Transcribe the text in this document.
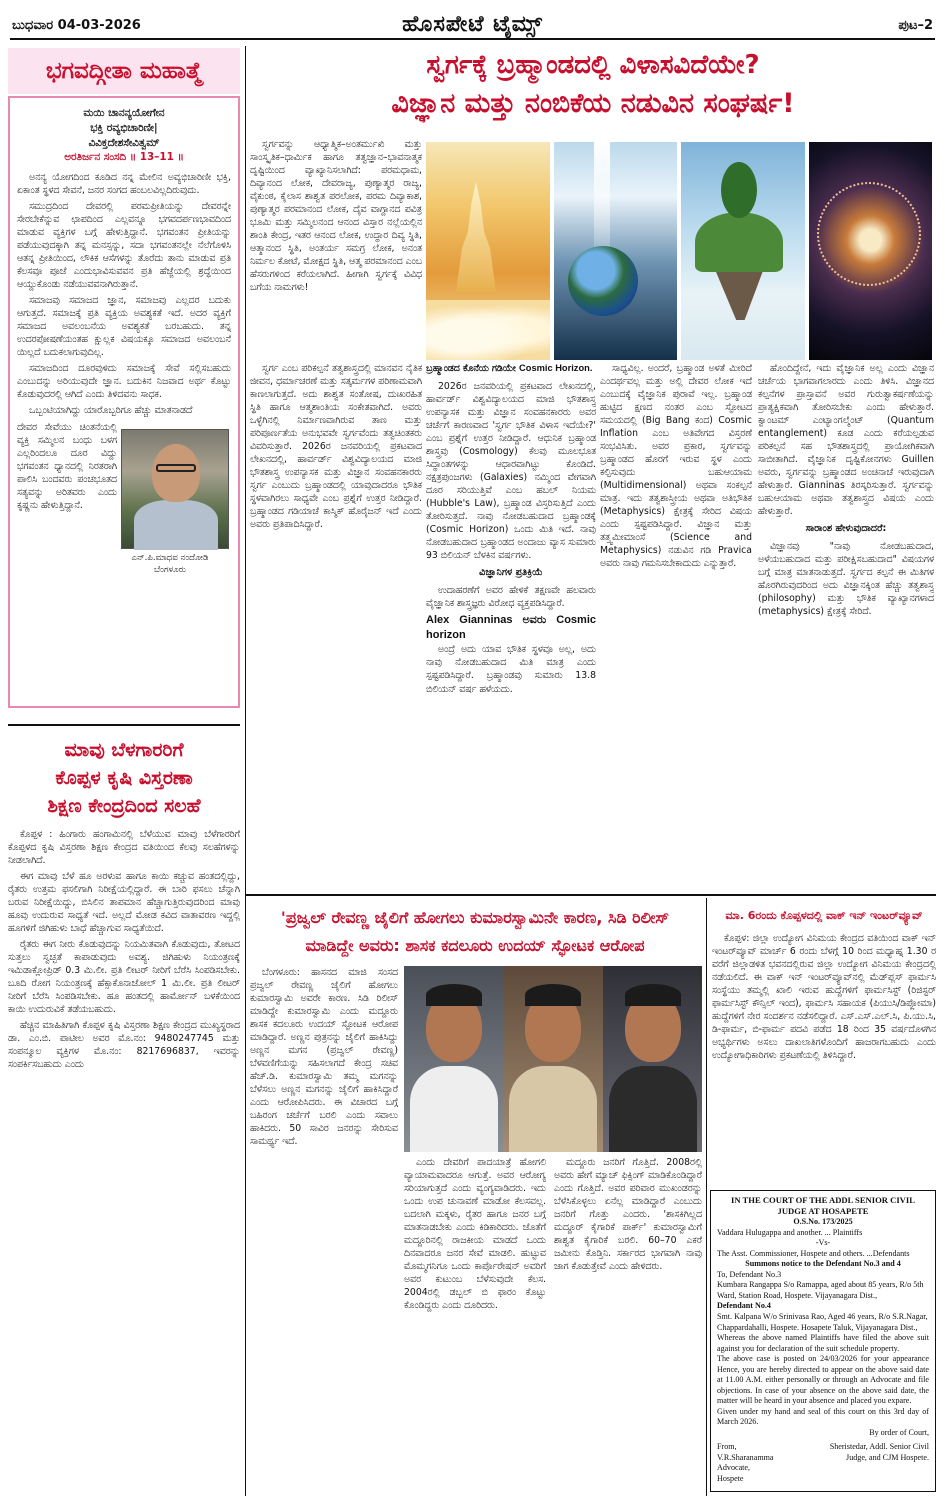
ಬುಧವಾರ 04-03-2026	ಹೊಸಪೇಟೆ ಟೈಮ್ಸ್	ಪುಟ–2
ಭಗವದ್ಗೀತಾ ಮಹಾತ್ಮೆ
ಮಯಿ ಚಾನನ್ಯಯೋಗೇನ
ಭಕ್ತಿ ರವ್ಯಭಿಚಾರಿಣೀ|
ವಿವಿಕ್ತದೇಶಸೇವಿತ್ವಮ್
ಅರತಿರ್ಜನ ಸಂಸದಿ ॥ 13–11 ॥

ಅನನ್ಯ ಯೋಗದಿಂದ ಕೂಡಿದ ನನ್ನ ಮೇಲಿನ ಅವ್ಯಭಿಚಾರಿಣೀ ಭಕ್ತಿ, ಏಕಾಂತ ಸ್ಥಳದ ಸೇವನೆ, ಜನರ ಸಂಗದ ಹಂಬಲವಿಲ್ಲದಿರುವುದು.

ಸಮುದ್ರದಿಂದ ದೇವರಲ್ಲಿ ಪರಮಪ್ರೀತಿಯನ್ನು ದೇವರನ್ನೇ ಸೇರಬೇಕೆನ್ನುವ ಛಾಪದಿಂದ ಎಲ್ಲವನ್ನೂ ಭಗವದರ್ಪಣಭಾವದಿಂದ ಮಾಡುವ ವ್ಯಕ್ತಿಗಳ ಬಗ್ಗೆ ಹೇಳುತ್ತಿದ್ದಾನೆ. ಭಗವಂತನ ಪ್ರೀತಿಯನ್ನು ಪಡೆಯುವುದಕ್ಕಾಗಿ ತನ್ನ ಮನಸ್ಸನ್ನು, ಸದಾ ಭಗವಂತನಲ್ಲೇ ನೆಲೆಗೊಳಿಸಿ ಆತನ್ನ ಪ್ರೀತಿಯಿಂದ, ಲೌಕಿಕ ಆಸೆಗಳನ್ನು ತೊರೆದು ತಾನು ಮಾಡುವ ಪ್ರತಿ ಕೆಲಸವೂ ಪೂಜೆ ಎಂದುಭಾವಿಸುವವನ ಪ್ರತಿ ಹೆಜ್ಜೆಯಲ್ಲಿ ಶ್ರದ್ಧೆಯಿಂದ ಆಯ್ದುಕೊಂಡು ನಡೆಯುವವನಾಗಿರುತ್ತಾನೆ.

ಸಮಾಜವು ಸಮಾಜದ ಜ್ಞಾನ, ಸಮಾಜವು ಎಲ್ಲದರ ಬದುಕು ಆಗುತ್ತದೆ. ಸಮಾಜಕ್ಕೆ ಪ್ರತಿ ವ್ಯಕ್ತಿಯ ಅವಶ್ಯಕತೆ ಇದೆ. ಅದರ ವ್ಯಕ್ತಿಗೆ ಸಮಾಜದ ಅವಲಂಬನೆಯ ಅವಶ್ಯಕತೆ ಬರಬಹುದು. ತನ್ನ ಉದರಪೋಷಣೆಯಂತಹ ಕ್ಷುಲ್ಲಕ ವಿಷಯಕ್ಕೂ ಸಮಾಜದ ಅವಲಂಬನೆ ಯಿಲ್ಲದೆ ಬದುಕಲಾಗುವುದಿಲ್ಲ.

ಸಮಾಜದಿಂದ ದೂರವುಳಿದು ಸಮಾಜಕ್ಕೆ ಸೇವೆ ಸಲ್ಲಿಸಬಹುದು ಎಂಬುದನ್ನು ಅರಿಯುವುದೇ ಜ್ಞಾನ. ಬದುಕಿನ ನಿಜವಾದ ಅರ್ಥ ಕೊಟ್ಟು ಕೊಡುವುದರಲ್ಲಿ ಆಗಿದೆ ಎಂದು ತಿಳಿದವನು ಸಾಧಕ.

ಒಬ್ಬಂಟಿಯಾಗಿದ್ದು ಯಾರೊಬ್ಬರಿಗೂ ಹೆಚ್ಚು ಮಾತನಾಡದೆ

ದೇವರ ಸೇವೆಯು ಚಿಂತನೆಯಲ್ಲಿ ವ್ಯಕ್ತಿ ಸಮ್ಮಿಲನ ಬಂಧು ಬಳಗ ಎಲ್ಲರಿಂದಲೂ ದೂರ ವಿದ್ದು ಭಗವಂತನ ಧ್ಯಾನದಲ್ಲಿ ನಿರತರಾಗಿ ಪಾಲಿಸಿ ಬಂದವರು ಪಂಚಭೂತದ ಸತ್ಯವನ್ನು ಅರಿತವರು ಎಂದು ಕೃಷ್ಣನು ಹೇಳುತ್ತಿದ್ದಾನೆ.
ಎನ್.ಪಿ.ಮಾಧವ ನಂದೋಡಿ
ಬೆಂಗಳೂರು
ಮಾವು ಬೆಳಗಾರರಿಗೆ
ಕೊಪ್ಪಳ ಕೃಷಿ ವಿಸ್ತರಣಾ
ಶಿಕ್ಷಣ ಕೇಂದ್ರದಿಂದ ಸಲಹೆ

ಕೊಪ್ಪಳ : ಹಿಂಗಾರು ಹಂಗಾಮಿನಲ್ಲಿ ಬೆಳೆಯುವ ಮಾವು ಬೆಳೆಗಾರರಿಗೆ ಕೊಪ್ಪಳದ ಕೃಷಿ ವಿಸ್ತರಣಾ ಶಿಕ್ಷಣ ಕೇಂದ್ರದ ವತಿಯಿಂದ ಕೆಲವು ಸಲಹೆಗಳನ್ನು ನೀಡಲಾಗಿದೆ.

ಈಗ ಮಾವು ಬೆಳೆ ಹೂ ಅರಳುವ ಹಾಗೂ ಕಾಯಿ ಕಚ್ಚುವ ಹಂತದಲ್ಲಿದ್ದು, ರೈತರು ಉತ್ತಮ ಫಸಲಿಗಾಗಿ ನಿರೀಕ್ಷೆಯಲ್ಲಿದ್ದಾರೆ. ಈ ಬಾರಿ ಫಸಲು ಚೆನ್ನಾಗಿ ಬರುವ ನಿರೀಕ್ಷೆಯಿದ್ದು, ಬಿಸಿಲಿನ ತಾಪಮಾನ ಹೆಚ್ಚಾಗುತ್ತಿರುವುದರಿಂದ ಮಾವು ಹೂವು ಉದುರುವ ಸಾಧ್ಯತೆ ಇದೆ. ಅಲ್ಲದೆ ಮೋಡ ಕವಿದ ವಾತಾವರಣ ಇದ್ದಲ್ಲಿ ಹೂಗಳಿಗೆ ಜಿಗಿಹುಳು ಬಾಧೆ ಹೆಚ್ಚಾಗುವ ಸಾಧ್ಯತೆಯಿದೆ.

ರೈತರು ಈಗ ನೀರು ಕೊಡುವುದನ್ನು ನಿಯಮಿತವಾಗಿ ಕೊಡುವುದು, ತೋಟದ ಸುತ್ತಲು ಸ್ವಚ್ಛತೆ ಕಾಪಾಡುವುದು ಅವಶ್ಯ. ಜಿಗಿಹುಳು ನಿಯಂತ್ರಣಕ್ಕೆ ಇಮಿಡಾಕ್ಲೋಪ್ರಿಡ್ 0.3 ಮಿ.ಲೀ. ಪ್ರತಿ ಲೀಟರ್ ನೀರಿಗೆ ಬೆರೆಸಿ ಸಿಂಪಡಿಸಬೇಕು. ಬೂದಿ ರೋಗ ನಿಯಂತ್ರಣಕ್ಕೆ ಹೆಕ್ಸಾಕೊನಾಜೋಲ್ 1 ಮಿ.ಲೀ. ಪ್ರತಿ ಲೀಟರ್ ನೀರಿಗೆ ಬೆರೆಸಿ ಸಿಂಪಡಿಸಬೇಕು. ಹೂ ಹಂತದಲ್ಲಿ ಹಾರ್ಮೋನ್ ಬಳಕೆಯಿಂದ ಕಾಯಿ ಉದುರುವಿಕೆ ತಡೆಯಬಹುದು.

ಹೆಚ್ಚಿನ ಮಾಹಿತಿಗಾಗಿ ಕೊಪ್ಪಳ ಕೃಷಿ ವಿಸ್ತರಣಾ ಶಿಕ್ಷಣ ಕೇಂದ್ರದ ಮುಖ್ಯಸ್ಥರಾದ ಡಾ. ಎಂ.ಬಿ. ಪಾಟೀಲ ಅವರ ಮೊ.ನಂ: 9480247745 ಮತ್ತು ಸಂಪನ್ಮೂಲ ವ್ಯಕ್ತಿಗಳ ಮೊ.ನಂ: 8217696837, ಇವರನ್ನು ಸಂಪರ್ಕಿಸಬಹುದು ಎಂದು

ಸ್ವರ್ಗಕ್ಕೆ ಬ್ರಹ್ಮಾಂಡದಲ್ಲಿ ವಿಳಾಸವಿದೆಯೇ?
ವಿಜ್ಞಾನ ಮತ್ತು ನಂಬಿಕೆಯ ನಡುವಿನ ಸಂಘರ್ಷ!

ಸ್ವರ್ಗವನ್ನು ಆಧ್ಯಾತ್ಮಿಕ–ಅಂತರ್ಮುಖಿ ಮತ್ತು ಸಾಂಸ್ಕೃತಿಕ–ಧಾರ್ಮಿಕ ಹಾಗೂ ತತ್ವಜ್ಞಾನ–ಭಾವನಾತ್ಮಕ ದೃಷ್ಟಿಯಿಂದ ವ್ಯಾಖ್ಯಾನಿಸಲಾಗಿದೆ: ಪರಮಧಾಮ, ದಿವ್ಯಾನಂದ ಲೋಕ, ದೇವರಾಜ್ಯ, ಪುಣ್ಯಾತ್ಮರ ರಾಜ್ಯ, ವೈಕುಂಠ, ಕೈಲಾಸ ಶಾಶ್ವತ ಪರಲೋಕ, ಪರಮ ದಿವ್ಯಾಕಾಶ, ಪುಣ್ಯಾತ್ಮರ ಪರಮಾನಂದ ಲೋಕ, ದೈವ ವಾಗ್ದಾನದ ಪವಿತ್ರ ಭೂಮಿ ಮತ್ತು ಸಮ್ಮಿಲನಂದ ಆನಂದ ವಿಸ್ತಾರ ನಲ್ಲೆಯಲ್ಲಿನ ಶಾಂತಿ ಕೇಂದ್ರ, ಇತರ ಆನಂದ ಲೋಕ, ಉದ್ಧಾರ ದಿವ್ಯ ಸ್ಥಿತಿ, ಆತ್ಮಾನಂದ ಸ್ಥಿತಿ, ಅಂತರ್ಯ ಸಮಗ್ರ ಲೋಕ, ಅನಂತ ನಿರ್ಮಲ ಕೋಟೆ, ಮೋಕ್ಷದ ಸ್ಥಿತಿ, ಆತ್ಮ ಪರಮಾನಂದ ಎಂಬ ಹೆಸರುಗಳಿಂದ ಕರೆಯಲಾಗಿದೆ. ಹೀಗಾಗಿ ಸ್ವರ್ಗಕ್ಕೆ ವಿವಿಧ ಬಗೆಯ ನಾಮಗಳು!

ಸ್ವರ್ಗ ಎಂಬ ಪರಿಕಲ್ಪನೆ ತತ್ವಶಾಸ್ತ್ರದಲ್ಲಿ ಮಾನವನ ನೈತಿಕ ಜೀವನ, ಧರ್ಮಾಚರಣೆ ಮತ್ತು ಸತ್ಕರ್ಮಗಳ ಪರಿಣಾಮವಾಗಿ ಕಾಣಲಾಗುತ್ತದೆ. ಅದು ಶಾಶ್ವತ ಸಂತೋಷ, ದುಃಖರಹಿತ ಸ್ಥಿತಿ ಹಾಗೂ ಆತ್ಮಶಾಂತಿಯ ಸಂಕೇತವಾಗಿದೆ. ಅವರು ಒಳ್ಳೆಗಿನಲ್ಲಿ ನಿರ್ಮಾಣವಾಗಿರುವ ತಾಣ ಮತ್ತು ಪರಿಪೂರ್ಣತೆಯ ಅನುಭವವೇ ಸ್ವರ್ಗವೆಂದು ತತ್ವಚಿಂತಕರು ವಿವರಿಸುತ್ತಾರೆ. 2026ರ ಜನವರಿಯಲ್ಲಿ ಪ್ರಕಟವಾದ ಲೇಖನದಲ್ಲಿ, ಹಾರ್ವರ್ಡ್ ವಿಶ್ವವಿದ್ಯಾಲಯದ ಮಾಜಿ ಭೌತಶಾಸ್ತ್ರ ಉಪನ್ಯಾಸಕ ಮತ್ತು ವಿಜ್ಞಾನ ಸಂವಹನಕಾರರು ಸ್ವರ್ಗ ಎಂಬುದು ಬ್ರಹ್ಮಾಂಡದಲ್ಲಿ ಯಾವುದಾದರೂ ಭೌತಿಕ ಸ್ಥಳವಾಗಿರಲು ಸಾಧ್ಯವೇ ಎಂಬ ಪ್ರಶ್ನೆಗೆ ಉತ್ತರ ನೀಡಿದ್ದಾರೆ. ಬ್ರಹ್ಮಾಂಡದ ಗಡಿಯಾಚೆ ಕಾಸ್ಮಿಕ್ ಹೊರೈಜನ್ ಇದೆ ಎಂದು ಅವರು ಪ್ರತಿಪಾದಿಸಿದ್ದಾರೆ.

ಬ್ರಹ್ಮಾಂಡದ ಕೊನೆಯ ಗಡಿಯೇ Cosmic Horizon.

2026ರ ಜನವರಿಯಲ್ಲಿ ಪ್ರಕಟವಾದ ಲೇಖನದಲ್ಲಿ, ಹಾರ್ವರ್ಡ್ ವಿಶ್ವವಿದ್ಯಾಲಯದ ಮಾಜಿ ಭೌತಶಾಸ್ತ್ರ ಉಪನ್ಯಾಸಕ ಮತ್ತು ವಿಜ್ಞಾನ ಸಂವಹನಕಾರರು ಅವರ ಚರ್ಚೆಗೆ ಕಾರಣವಾದ 'ಸ್ವರ್ಗ ಭೌತಿಕ ವಿಳಾಸ ಇದೆಯೇ?' ಎಂಬ ಪ್ರಶ್ನೆಗೆ ಉತ್ತರ ನೀಡಿದ್ದಾರೆ. ಆಧುನಿಕ ಬ್ರಹ್ಮಾಂಡ ಶಾಸ್ತ್ರವು (Cosmology) ಕೆಲವು ಮೂಲಭೂತ ಸಿದ್ಧಾಂತಗಳನ್ನು ಆಧಾರವಾಗಿಟ್ಟು ಕೊಂಡಿದೆ. ನಕ್ಷತ್ರಪುಂಜಗಳು (Galaxies) ನಮ್ಮಿಂದ ವೇಗವಾಗಿ ದೂರ ಸರಿಯುತ್ತಿವೆ ಎಂಬ ಹಬಲ್ ನಿಯಮ (Hubble's Law), ಬ್ರಹ್ಮಾಂಡ ವಿಸ್ತರಿಸುತ್ತಿದೆ ಎಂದು ತೋರಿಸುತ್ತದೆ. ನಾವು ನೋಡಬಹುದಾದ ಬ್ರಹ್ಮಾಂಡಕ್ಕೆ (Cosmic Horizon) ಒಂದು ಮಿತಿ ಇದೆ. ನಾವು ನೋಡಬಹುದಾದ ಬ್ರಹ್ಮಾಂಡದ ಅಂದಾಜು ವ್ಯಾಸ ಸುಮಾರು 93 ಬಿಲಿಯನ್ ಬೆಳಕಿನ ವರ್ಷಗಳು.

ವಿಜ್ಞಾನಿಗಳ ಪ್ರತಿಕ್ರಿಯೆ

ಉದಾಹರಣೆಗೆ ಅವರ ಹೇಳಿಕೆ ತಕ್ಷಣವೇ ಹಲವಾರು ವೈಜ್ಞಾನಿಕ ಶಾಸ್ತ್ರಜ್ಞರು ವಿರೋಧ ವ್ಯಕ್ತಪಡಿಸಿದ್ದಾರೆ.

Alex Gianninas ಅವರು Cosmic horizon

ಅಂದ್ರೆ ಅದು ಯಾವ ಭೌತಿಕ ಸ್ಥಳವೂ ಅಲ್ಲ, ಅದು ನಾವು ನೋಡಬಹುದಾದ ಮಿತಿ ಮಾತ್ರ ಎಂದು ಸ್ಪಷ್ಟಪಡಿಸಿದ್ದಾರೆ. ಬ್ರಹ್ಮಾಂಡವು ಸುಮಾರು 13.8 ಬಿಲಿಯನ್ ವರ್ಷ ಹಳೆಯದು.

ಸಾಧ್ಯವಿಲ್ಲ. ಅಂದರೆ, ಬ್ರಹ್ಮಾಂಡ ಅಳತೆ ಮೀರಿದೆ ಎಂದರ್ಥವಲ್ಲ ಮತ್ತು ಅಲ್ಲಿ ದೇವರ ಲೋಕ ಇದೆ ಎಂಬುದಕ್ಕೆ ವೈಜ್ಞಾನಿಕ ಪುರಾವೆ ಇಲ್ಲ. ಬ್ರಹ್ಮಾಂಡ ಹುಟ್ಟಿದ ಕ್ಷಣದ ನಂತರ ಎಂಬ ಸ್ಫೋಟದ ಸಮಯದಲ್ಲಿ (Big Bang ಕಂದ) Cosmic Inflation ಎಂಬ ಅತಿವೇಗದ ವಿಸ್ತರಣೆ ಸಂಭವಿಸಿತು. ಅವರ ಪ್ರಕಾರ, ಸ್ವರ್ಗವನ್ನು ಬ್ರಹ್ಮಾಂಡದ ಹೊರಗೆ ಇರುವ ಸ್ಥಳ ಎಂದು ಕಲ್ಪಿಸುವುದು ಬಹುಆಯಾಮ (Multidimensional) ಅಥವಾ ಸಂಕಲ್ಪನೆ ಮಾತ್ರ. ಇದು ತತ್ವಶಾಸ್ತ್ರೀಯ ಅಥವಾ ಅತಿಭೌತಿಕ (Metaphysics) ಕ್ಷೇತ್ರಕ್ಕೆ ಸೇರಿದ ವಿಷಯ ಎಂದು ಸ್ಪಷ್ಟಪಡಿಸಿದ್ದಾರೆ. ವಿಜ್ಞಾನ ಮತ್ತು ತತ್ತ್ವಮೀಮಾಂಸೆ (Science and Metaphysics) ನಡುವಿನ ಗಡಿ Pravica ಅವರು ನಾವು ಗಮನಿಸಬೇಕಾದುದು ಎನ್ನುತ್ತಾರೆ.

ಹೊಂದಿದ್ದೇನೆ, ಇದು ವೈಜ್ಞಾನಿಕ ಅಲ್ಲ ಎಂದು ವಿಜ್ಞಾನ ಚರ್ಚೆಯ ಭಾಗವಾಗಲಾರದು ಎಂದು ತಿಳಿಸಿ. ವಿಜ್ಞಾನದ ಕಲ್ಪನೆಗಳ ಪ್ರಾಸ್ತಾವನೆ ಅವರ ಗುರುತ್ವಾಕರ್ಷಣೆಯನ್ನು ಪ್ರಾತ್ಯಕ್ಷಿಕವಾಗಿ ತೋರಿಸಬೇಕು ಎಂದು ಹೇಳುತ್ತಾರೆ. ಕ್ವಾಂಟಮ್ ಎಂಟ್ಯಾಂಗಲ್ಮೆಂಟ್ (Quantum entanglement) ಕೂಡ ಎಂದು ಕರೆಯಲ್ಪಡುವ ಪರಿಕಲ್ಪನೆ ಸಹ ಭೌತಶಾಸ್ತ್ರದಲ್ಲಿ ಪ್ರಾಯೋಗಿಕವಾಗಿ ಸಾಬೀತಾಗಿದೆ. ವೈಜ್ಞಾನಿಕ ದೃಷ್ಟಿಕೋನಗಳು Guillen ಅವರು, ಸ್ವರ್ಗವನ್ನು ಬ್ರಹ್ಮಾಂಡದ ಅಂಚಿನಾಚೆ ಇರುವುದಾಗಿ ಹೇಳುತ್ತಾರೆ. Gianninas ತಿರಸ್ಕರಿಸುತ್ತಾರೆ. ಸ್ವರ್ಗವನ್ನು ಬಹುಆಯಾಮ ಅಥವಾ ತತ್ವಶಾಸ್ತ್ರದ ವಿಷಯ ಎಂದು ಹೇಳುತ್ತಾರೆ.

ಸಾರಾಂಶ ಹೇಳುವುದಾದರೆ:

ವಿಜ್ಞಾನವು "ನಾವು ನೋಡಬಹುದಾದ, ಅಳೆಯಬಹುದಾದ ಮತ್ತು ಪರೀಕ್ಷಿಸಬಹುದಾದ" ವಿಷಯಗಳ ಬಗ್ಗೆ ಮಾತ್ರ ಮಾತನಾಡುತ್ತದೆ. ಸ್ವರ್ಗದ ಕಲ್ಪನೆ ಈ ಮಿತಿಗಳ ಹೊರಗಿರುವುದರಿಂದ ಅದು ವಿಜ್ಞಾನಕ್ಕಿಂತ ಹೆಚ್ಚು ತತ್ವಶಾಸ್ತ್ರ (philosophy) ಮತ್ತು ಭೌತಿಕ ವ್ಯಾಖ್ಯಾನಗಳಾದ (metaphysics) ಕ್ಷೇತ್ರಕ್ಕೆ ಸೇರಿದೆ.

'ಪ್ರಜ್ವಲ್ ರೇವಣ್ಣ ಜೈಲಿಗೆ ಹೋಗಲು ಕುಮಾರಸ್ವಾಮಿನೇ ಕಾರಣ, ಸಿಡಿ ರಿಲೀಸ್
ಮಾಡಿದ್ದೇ ಅವರು: ಶಾಸಕ ಕದಲೂರು ಉದಯ್ ಸ್ಫೋಟಕ ಆರೋಪ

ಬೆಂಗಳೂರು: ಹಾಸನದ ಮಾಜಿ ಸಂಸದ ಪ್ರಜ್ವಲ್ ರೇವಣ್ಣ ಜೈಲಿಗೆ ಹೋಗಲು ಕುಮಾರಸ್ವಾಮಿ ಅವರೇ ಕಾರಣ. ಸಿಡಿ ರಿಲೀಸ್ ಮಾಡಿದ್ದೇ ಕುಮಾರಸ್ವಾಮಿ ಎಂದು ಮದ್ದೂರು ಶಾಸಕ ಕದಲೂರು ಉದಯ್ ಸ್ಫೋಟಕ ಆರೋಪ ಮಾಡಿದ್ದಾರೆ. ಅಣ್ಣನ ಪುತ್ರನನ್ನು ಜೈಲಿಗೆ ಹಾಕಿಸಿದ್ದು ಅಣ್ಣನ ಮಗನ (ಪ್ರಜ್ವಲ್ ರೇವಣ್ಣ) ಬೆಳವಣಿಗೆಯನ್ನು ಸಹಿಸಲಾಗದೆ ಕೇಂದ್ರ ಸಚಿವ ಹೆಚ್.ಡಿ. ಕುಮಾರಸ್ವಾಮಿ ತಮ್ಮ ಮಗನನ್ನು ಬೆಳೆಸಲು ಅಣ್ಣನ ಮಗನನ್ನು ಜೈಲಿಗೆ ಹಾಕಿಸಿದ್ದಾರೆ ಎಂದು ಆರೋಪಿಸಿದರು. ಈ ವಿಚಾರದ ಬಗ್ಗೆ ಬಹಿರಂಗ ಚರ್ಚೆಗೆ ಬರಲಿ ಎಂದು ಸವಾಲು ಹಾಕಿದರು. 50 ಸಾವಿರ ಜನರನ್ನು ಸೇರಿಸುವ ಸಾಮರ್ಥ್ಯ ಇದೆ.

ಎಂದು ದೇವರಿಗೆ ಪಾದಯಾತ್ರೆ ಹೋಗಲಿ ವ್ಯಾಯಾಮವಾದರೂ ಆಗುತ್ತೆ. ಅವರ ಆರೋಗ್ಯ ಸರಿಯಾಗುತ್ತದೆ ಎಂದು ವ್ಯಂಗ್ಯವಾಡಿದರು. ಇದು ಒಂದು ಉಪ ಚುನಾವಣೆ ಮಾಡೋ ಕೆಲಸವಲ್ಲ. ಬದಲಾಗಿ ಮಕ್ಕಳು, ರೈತರ ಹಾಗೂ ಜನರ ಬಗ್ಗೆ ಮಾತನಾಡಬೇಕು ಎಂದು ಕಿಡಿಕಾರಿದರು. ಜೊತೆಗೆ ಮದ್ದೂರಿನಲ್ಲಿ ರಾಜಕೀಯ ಮಾಡದೆ ಒಂದು ದಿನವಾದರೂ ಜನರ ಸೇವೆ ಮಾಡಲಿ. ಹುಟ್ಟುವ ಮೊಮ್ಮಗನಿಗೂ ಒಂದು ಕಾರ್ಪೊರೇಷನ್ ಅವರಿಗೆ ಅವರ ಕುಟುಂಬ ಬೆಳೆಸುವುದೇ ಕೆಲಸ. 2004ರಲ್ಲಿ ಡಬ್ಬಲ್ ಬಿ ಫಾರಂ ಕೊಟ್ಟು ಕೊಂಡಿದ್ದರು ಎಂದು ದೂರಿದರು.

ಮದ್ದೂರು ಜನರಿಗೆ ಗೊತ್ತಿದೆ. 2008ರಲ್ಲಿ ಅವರು ಹೇಗೆ ಮ್ಯಾಚ್ ಫಿಕ್ಸಿಂಗ್ ಮಾಡಿಕೊಂಡಿದ್ದಾರೆ ಎಂದು ಗೊತ್ತಿದೆ. ಅವರ ಪರಿವಾರ ಮುಖಂಡರನ್ನು ಬೆಳೆಸಿಕೊಳ್ಳಲು ಏನೆಲ್ಲ ಮಾಡಿದ್ದಾರೆ ಎಂಬುದು ಜನರಿಗೆ ಗೊತ್ತು ಎಂದರು. 'ಶಾಸಕಿಗಿಲ್ಲದ ಮದ್ದೂರ್ ಕೈಗಾರಿಕೆ ಪಾರ್ಕ್' ಕುಮಾರಸ್ವಾಮಿಗೆ ಶಾಶ್ವತ ಕೈಗಾರಿಕೆ ಬರಲಿ. 60–70 ಎಕರೆ ಜಮೀನು ಕೊಡ್ತಿನಿ. ಸರ್ಕಾರದ ಭಾಗವಾಗಿ ನಾವು ಜಾಗ ಕೊಡುತ್ತೇವೆ ಎಂದು ಹೇಳಿದರು.

ಮಾ. 6ರಂದು ಕೊಪ್ಪಳದಲ್ಲಿ ವಾಕ್ ಇನ್ ಇಂಟರ್‌ವ್ಯೂವ್

ಕೊಪ್ಪಳ: ಜಿಲ್ಲಾ ಉದ್ಯೋಗ ವಿನಿಮಯ ಕೇಂದ್ರದ ವತಿಯಿಂದ ವಾಕ್ ಇನ್ ಇಂಟರ್‌ವ್ಯೂವ್ ಮಾರ್ಚ್ 6 ರಂದು ಬೆಳಗ್ಗೆ 10 ರಿಂದ ಮಧ್ಯಾಹ್ನ 1.30 ರ ವರೆಗೆ ಜಿಲ್ಲಾಡಳಿತ ಭವನದಲ್ಲಿರುವ ಜಿಲ್ಲಾ ಉದ್ಯೋಗ ವಿನಿಮಯ ಕೇಂದ್ರದಲ್ಲಿ ನಡೆಯಲಿದೆ. ಈ ವಾಕ್ ಇನ್ ಇಂಟರ್‌ವ್ಯೂವ್‌ನಲ್ಲಿ ಮೆಡ್‌ಪ್ಲಸ್ ಫಾರ್ಮಸಿ ಸಂಸ್ಥೆಯು ತಮ್ಮಲ್ಲಿ ಖಾಲಿ ಇರುವ ಹುದ್ದೆಗಳಿಗೆ ಫಾರ್ಮಸಿಸ್ಟ್ (ರಿಜಿಸ್ಟರ್ ಫಾರ್ಮಸಿಸ್ಟ್ ಕೌನ್ಸಿಲ್ ಇಂದ), ಫಾರ್ಮಸಿ ಸಹಾಯಕ (ಪಿಯುಸಿ/ಡಿಪ್ಲೋಮಾ) ಹುದ್ದೆಗಳಿಗೆ ನೇರ ಸಂದರ್ಶನ ನಡೆಸಲಿದ್ದಾರೆ. ಎಸ್.ಎಸ್.ಎಲ್.ಸಿ, ಪಿ.ಯು.ಸಿ, ಡಿ-ಫಾರ್ಮ, ಬಿ-ಫಾರ್ಮ ಪದವಿ ಪಡೆದ 18 ರಿಂದ 35 ವರ್ಷದೊಳಗಿನ ಅಭ್ಯರ್ಥಿಗಳು ಅಸಲು ದಾಖಲಾತಿಗಳೊಂದಿಗೆ ಹಾಜರಾಗಬಹುದು ಎಂದು ಉದ್ಯೋಗಾಧಿಕಾರಿಗಳು ಪ್ರಕಟಣೆಯಲ್ಲಿ ತಿಳಿಸಿದ್ದಾರೆ.

IN THE COURT OF THE ADDL SENIOR CIVIL JUDGE AT HOSAPETE
O.S.No. 173/2025
Vaddara Hulugappa and another. ... Plaintiffs
-Vs-
The Asst. Commissioner, Hospete and others. ...Defendants
Summons notice to the Defendant No.3 and 4
To, Defendant No.3
Kumbara Rangappa S/o Ramappa, aged about 85 years, R/o 5th Ward, Station Road, Hospete. Vijayanagara Dist.,
Defendant No.4
Smt. Kalpana W/o Srinivasa Rao, Aged 46 years, R/o S.R.Nagar, Chappardahalli, Hospete. Hosapete Taluk, Vijayanagara Dist.,
Whereas the above named Plaintiffs have filed the above suit against you for declaration of the suit schedule property.
The above case is posted on 24/03/2026 for your appearance Hence, you are hereby directed to appear on the above said date at 11.00 A.M. either personally or through an Advocate and file objections. In case of your absence on the above said date, the matter will be heard in your absence and placed you expare.
Given under my hand and seal of this court on this 3rd day of March 2026.
By order of Court,
From,
V.R.Sharanamma Advocate, Hospete
Sheristedar, Addl. Senior Civil Judge, and CJM Hospete.
